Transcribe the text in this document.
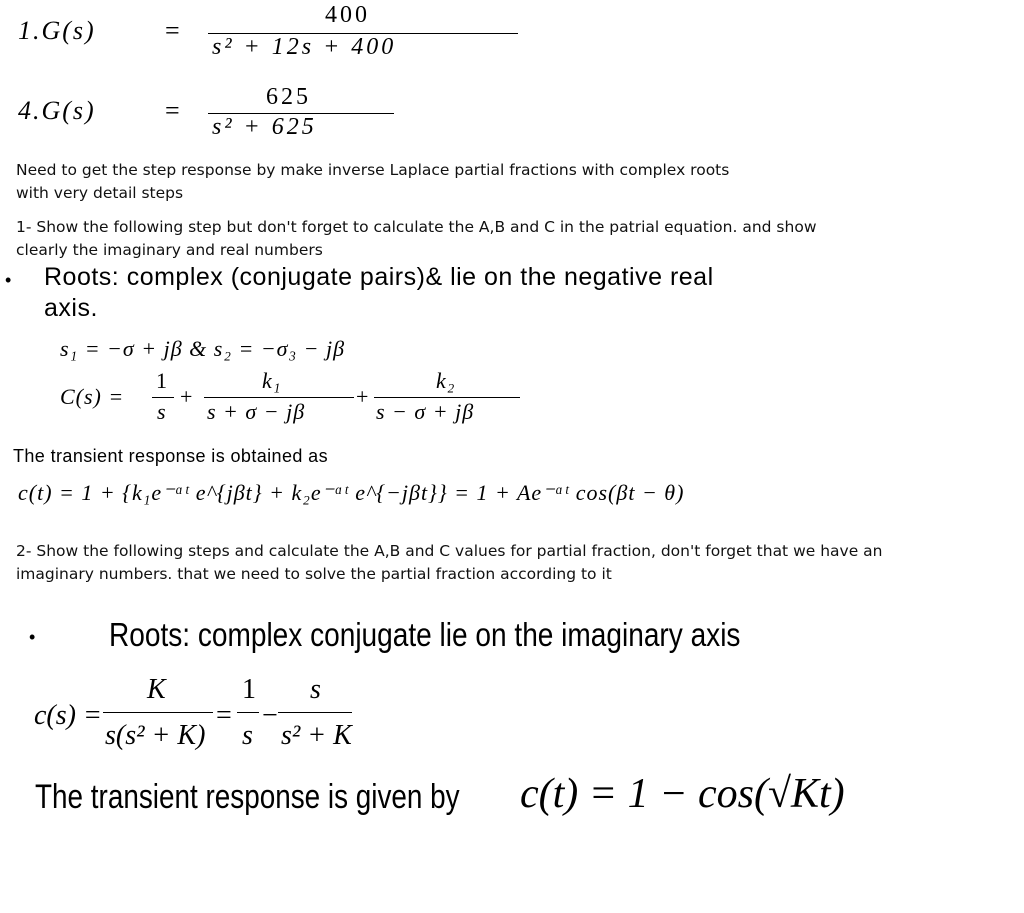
1.G(s)	=
400
s² + 12s + 400
4.G(s)	=	625
s² + 625
Need to get the step response by make inverse Laplace partial fractions with complex roots
with very detail steps
1- Show the following step but don't forget to calculate the A,B and C in the patrial equation. and show
clearly the imaginary and real numbers
• Roots: complex (conjugate pairs)& lie on the negative real
axis.
s₁ = −σ + jβ & s₂ = −σ₃ − jβ
C(s) =
1
s
+
k₁
s + σ − jβ
+
k₂
s − σ + jβ
The transient response is obtained as
c(t) = 1 + {k₁e⁻ᵅᵗ e^{jβt} + k₂e⁻ᵅᵗ e^{−jβt}} = 1 + Ae⁻ᵅᵗ cos(βt − θ)
2- Show the following steps and calculate the A,B and C values for partial fraction, don't forget that we have an
imaginary numbers. that we need to solve the partial fraction according to it
• Roots: complex conjugate lie on the imaginary axis
c(s) =
K
s(s² + K)
=
1
s
−
s
s² + K
The transient response is given by c(t) = 1 − cos(√Kt)
